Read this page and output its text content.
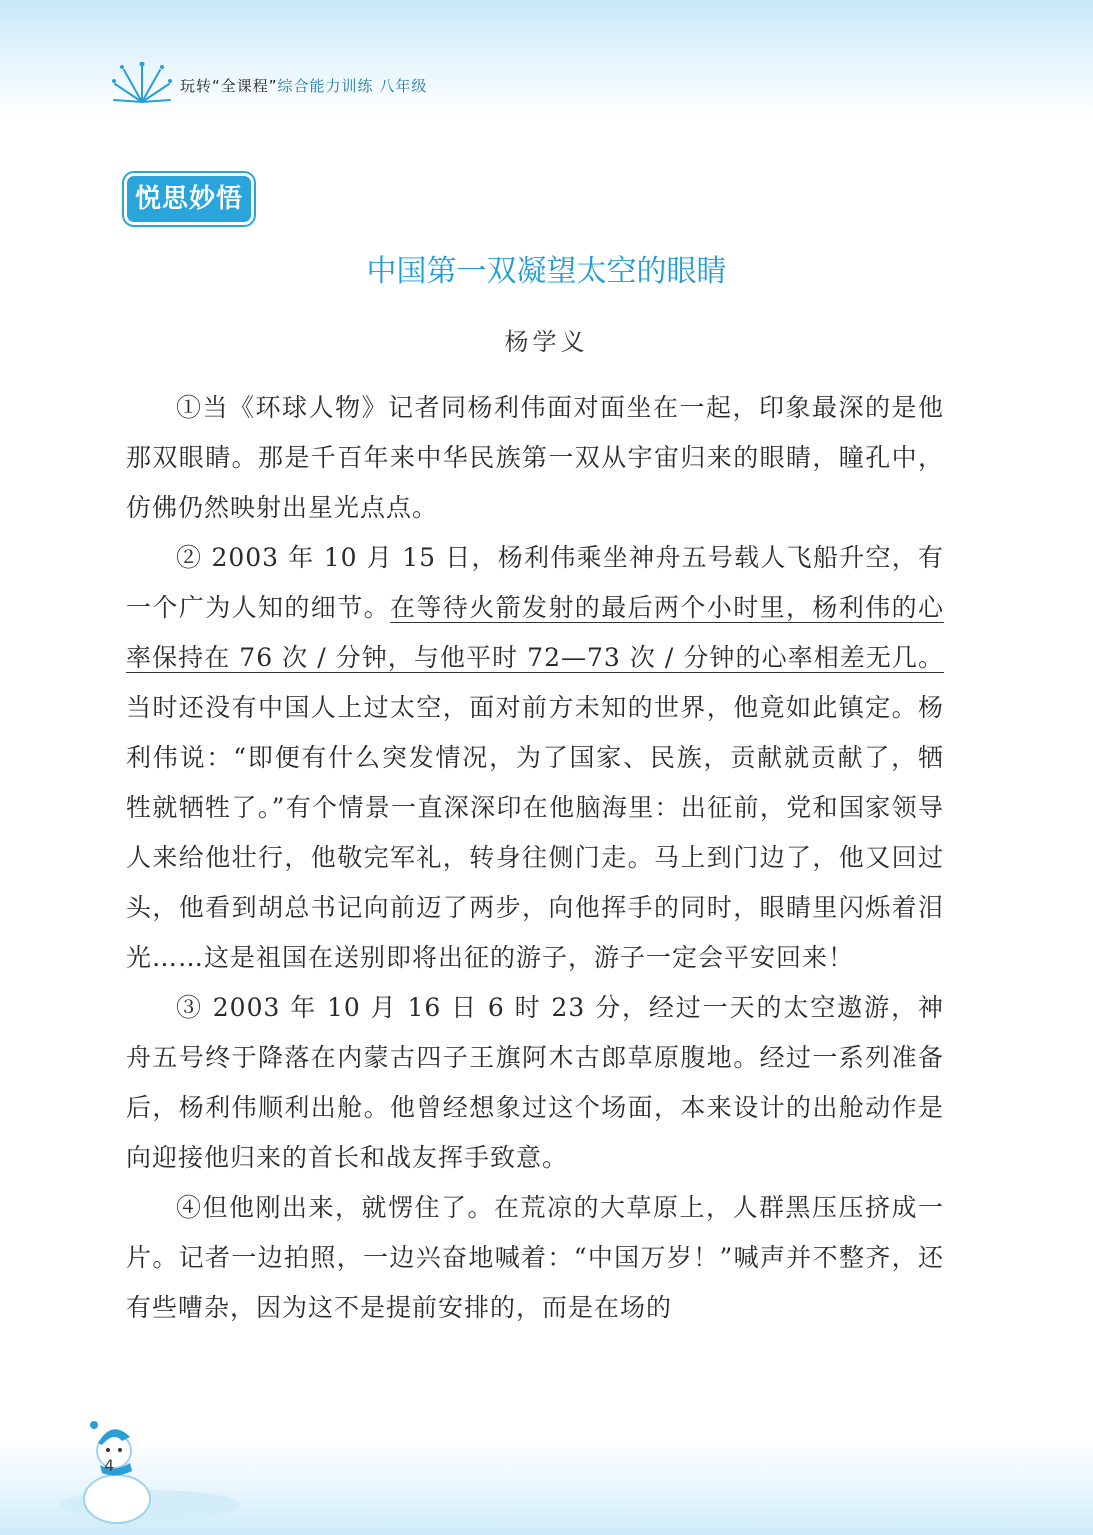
玩转“全课程”综合能力训练 八年级
悦思妙悟
中国第一双凝望太空的眼睛
杨学义

①当《环球人物》记者同杨利伟面对面坐在一起，印象最深的是他那双眼睛。那是千百年来中华民族第一双从宇宙归来的眼睛，瞳孔中，仿佛仍然映射出星光点点。

② 2003 年 10 月 15 日，杨利伟乘坐神舟五号载人飞船升空，有一个广为人知的细节。在等待火箭发射的最后两个小时里，杨利伟的心率保持在 76 次 / 分钟，与他平时 72—73 次 / 分钟的心率相差无几。当时还没有中国人上过太空，面对前方未知的世界，他竟如此镇定。杨利伟说：“即便有什么突发情况，为了国家、民族，贡献就贡献了，牺牲就牺牲了。”有个情景一直深深印在他脑海里：出征前，党和国家领导人来给他壮行，他敬完军礼，转身往侧门走。马上到门边了，他又回过头，他看到胡总书记向前迈了两步，向他挥手的同时，眼睛里闪烁着泪光……这是祖国在送别即将出征的游子，游子一定会平安回来！

③ 2003 年 10 月 16 日 6 时 23 分，经过一天的太空遨游，神舟五号终于降落在内蒙古四子王旗阿木古郎草原腹地。经过一系列准备后，杨利伟顺利出舱。他曾经想象过这个场面，本来设计的出舱动作是向迎接他归来的首长和战友挥手致意。

④但他刚出来，就愣住了。在荒凉的大草原上，人群黑压压挤成一片。记者一边拍照，一边兴奋地喊着：“中国万岁！”喊声并不整齐，还有些嘈杂，因为这不是提前安排的，而是在场的

4
